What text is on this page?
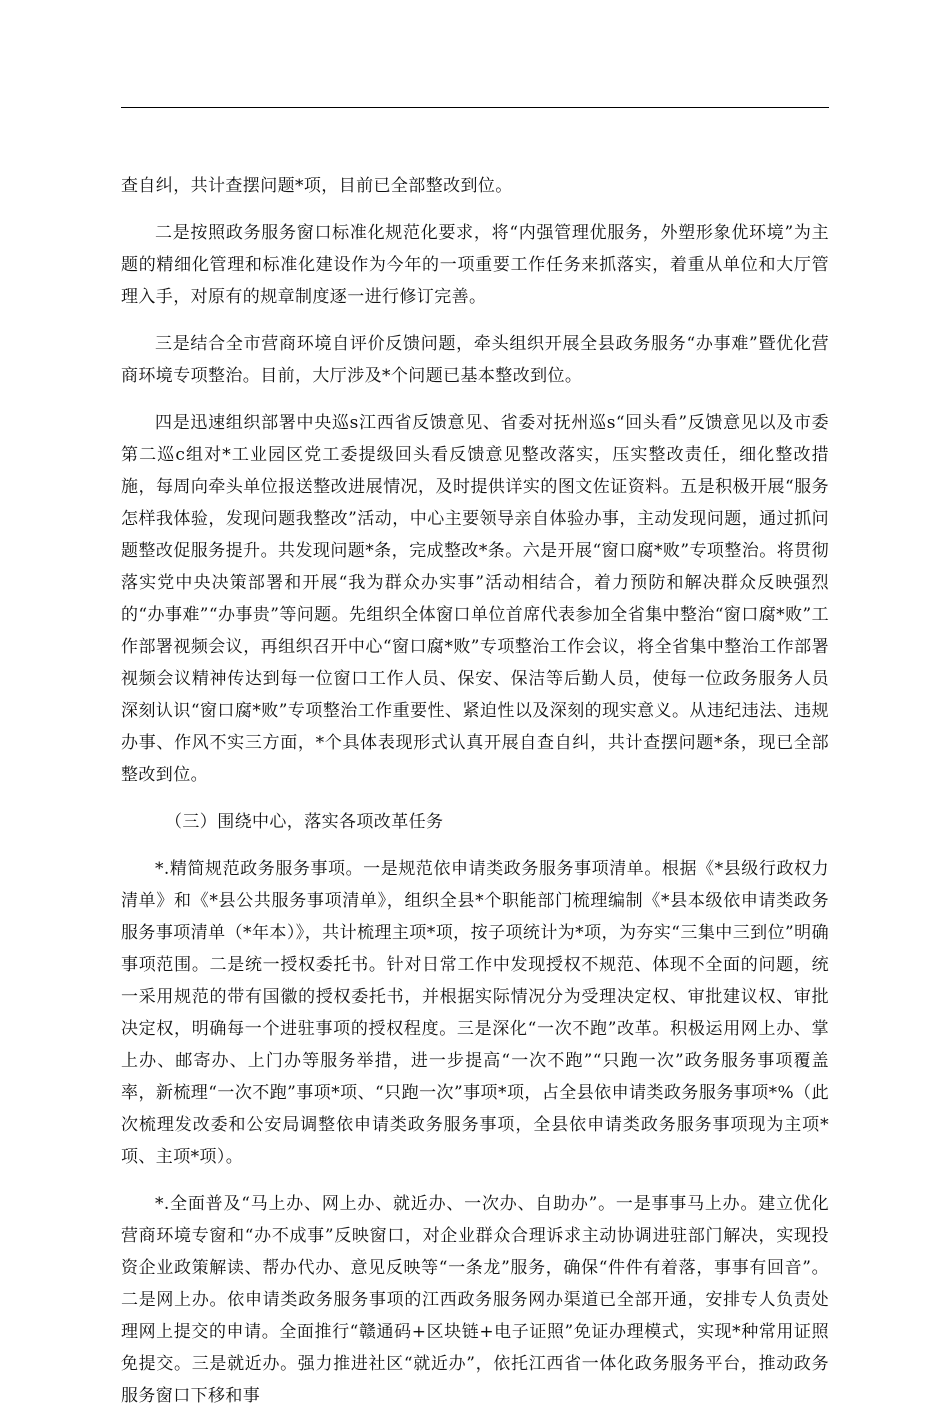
查自纠，共计查摆问题*项，目前已全部整改到位。

二是按照政务服务窗口标准化规范化要求，将“内强管理优服务，外塑形象优环境”为主题的精细化管理和标准化建设作为今年的一项重要工作任务来抓落实，着重从单位和大厅管理入手，对原有的规章制度逐一进行修订完善。

三是结合全市营商环境自评价反馈问题，牵头组织开展全县政务服务“办事难”暨优化营商环境专项整治。目前，大厅涉及*个问题已基本整改到位。

四是迅速组织部署中央巡s江西省反馈意见、省委对抚州巡s“回头看”反馈意见以及市委第二巡c组对*工业园区党工委提级回头看反馈意见整改落实，压实整改责任，细化整改措施，每周向牵头单位报送整改进展情况，及时提供详实的图文佐证资料。五是积极开展“服务怎样我体验，发现问题我整改”活动，中心主要领导亲自体验办事，主动发现问题，通过抓问题整改促服务提升。共发现问题*条，完成整改*条。六是开展“窗口腐*败”专项整治。将贯彻落实党中央决策部署和开展“我为群众办实事”活动相结合，着力预防和解决群众反映强烈的“办事难”“办事贵”等问题。先组织全体窗口单位首席代表参加全省集中整治“窗口腐*败”工作部署视频会议，再组织召开中心“窗口腐*败”专项整治工作会议，将全省集中整治工作部署视频会议精神传达到每一位窗口工作人员、保安、保洁等后勤人员，使每一位政务服务人员深刻认识“窗口腐*败”专项整治工作重要性、紧迫性以及深刻的现实意义。从违纪违法、违规办事、作风不实三方面，*个具体表现形式认真开展自查自纠，共计查摆问题*条，现已全部整改到位。

（三）围绕中心，落实各项改革任务

*.精简规范政务服务事项。一是规范依申请类政务服务事项清单。根据《*县级行政权力清单》和《*县公共服务事项清单》，组织全县*个职能部门梳理编制《*县本级依申请类政务服务事项清单（*年本）》，共计梳理主项*项，按子项统计为*项，为夯实“三集中三到位”明确事项范围。二是统一授权委托书。针对日常工作中发现授权不规范、体现不全面的问题，统一采用规范的带有国徽的授权委托书，并根据实际情况分为受理决定权、审批建议权、审批决定权，明确每一个进驻事项的授权程度。三是深化“一次不跑”改革。积极运用网上办、掌上办、邮寄办、上门办等服务举措，进一步提高“一次不跑”“只跑一次”政务服务事项覆盖率，新梳理“一次不跑”事项*项、“只跑一次”事项*项，占全县依申请类政务服务事项*%（此次梳理发改委和公安局调整依申请类政务服务事项，全县依申请类政务服务事项现为主项*项、主项*项）。

*.全面普及“马上办、网上办、就近办、一次办、自助办”。一是事事马上办。建立优化营商环境专窗和“办不成事”反映窗口，对企业群众合理诉求主动协调进驻部门解决，实现投资企业政策解读、帮办代办、意见反映等“一条龙”服务，确保“件件有着落，事事有回音”。二是网上办。依申请类政务服务事项的江西政务服务网办渠道已全部开通，安排专人负责处理网上提交的申请。全面推行“赣通码+区块链+电子证照”免证办理模式，实现*种常用证照免提交。三是就近办。强力推进社区“就近办”，依托江西省一体化政务服务平台，推动政务服务窗口下移和事
